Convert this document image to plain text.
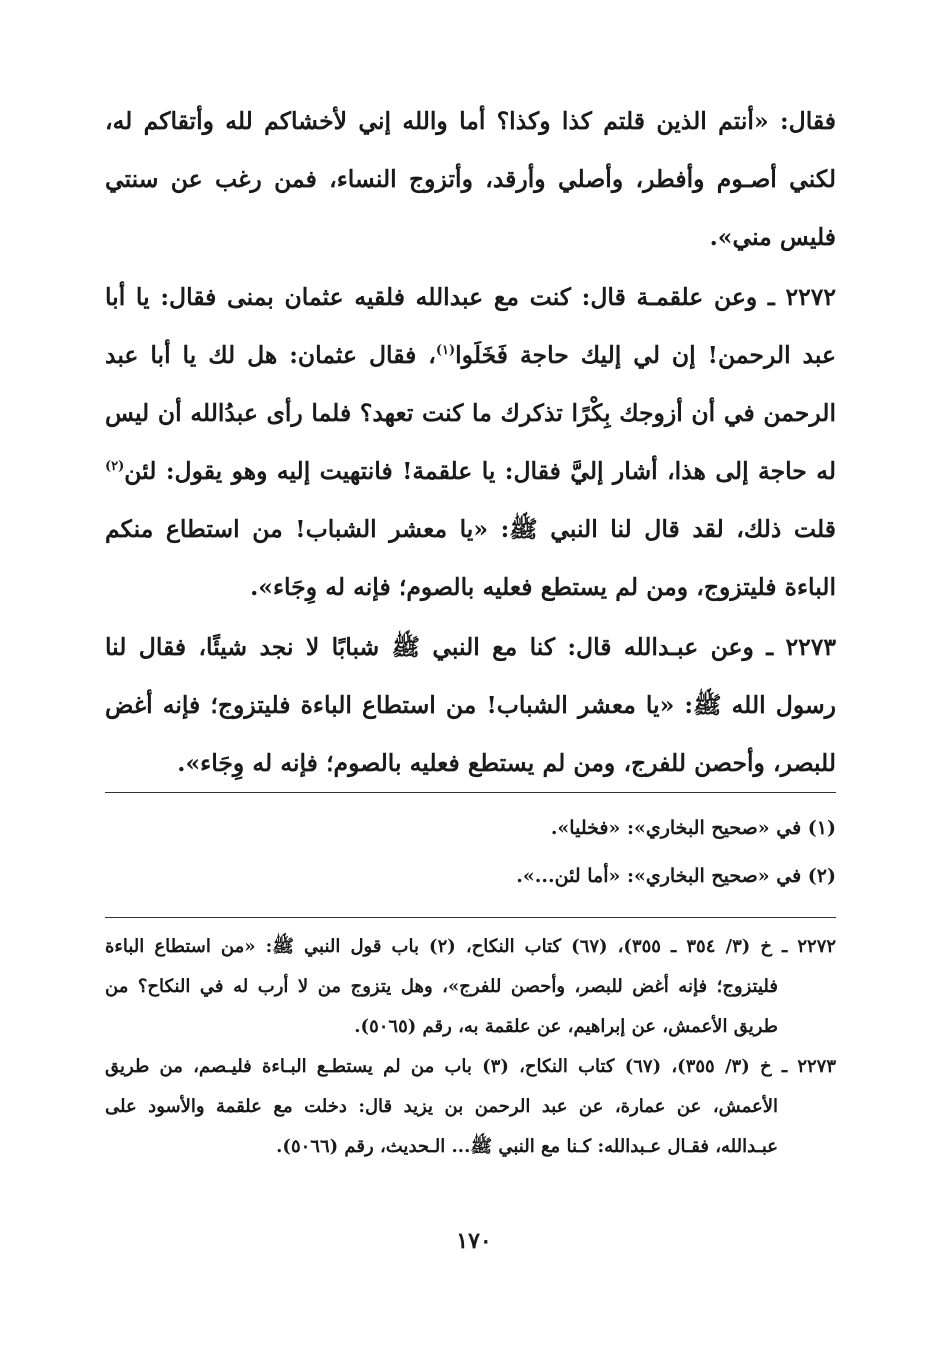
فقال: «أنتم الذين قلتم كذا وكذا؟ أما والله إني لأخشاكم لله وأتقاكم له، لكني أصـوم وأفطر، وأصلي وأرقد، وأتزوج النساء، فمن رغب عن سنتي فليس مني».

٢٢٧٢ ـ وعن علقمـة قال: كنت مع عبدالله فلقيه عثمان بمنى فقال: يا أبا عبد الرحمن! إن لي إليك حاجة فَخَلَوا$^{(١)}$، فقال عثمان: هل لك يا أبا عبد الرحمن في أن أزوجك بِكْرًا تذكرك ما كنت تعهد؟ فلما رأى عبدُالله أن ليس له حاجة إلى هذا، أشار إليَّ فقال: يا علقمة! فانتهيت إليه وهو يقول: لئن$^{(٢)}$ قلت ذلك، لقد قال لنا النبي ﷺ: «يا معشر الشباب! من استطاع منكم الباءة فليتزوج، ومن لم يستطع فعليه بالصوم؛ فإنه له وِجَاء».

٢٢٧٣ ـ وعن عبـدالله قال: كنا مع النبي ﷺ شبابًا لا نجد شيئًا، فقال لنا رسول الله ﷺ: «يا معشر الشباب! من استطاع الباءة فليتزوج؛ فإنه أغض للبصر، وأحصن للفرج، ومن لم يستطع فعليه بالصوم؛ فإنه له وِجَاء».

(١) في «صحيح البخاري»: «فخليا».

(٢) في «صحيح البخاري»: «أما لئن...».

٢٢٧٢ ـ خ (٣/ ٣٥٤ ـ ٣٥٥)، (٦٧) كتاب النكاح، (٢) باب قول النبي ﷺ: «من استطاع الباءة فليتزوج؛ فإنه أغض للبصر، وأحصن للفرج»، وهل يتزوج من لا أرب له في النكاح؟ من طريق الأعمش، عن إبراهيم، عن علقمة به، رقم (٥٠٦٥).

٢٢٧٣ ـ خ (٣/ ٣٥٥)، (٦٧) كتاب النكاح، (٣) باب من لم يستطـع البـاءة فليـصم، من طريق الأعمش، عن عمارة، عن عبد الرحمن بن يزيد قال: دخلت مع علقمة والأسود على عبـدالله، فقـال عـبدالله: كـنا مع النبي ﷺ... الـحديث، رقم (٥٠٦٦).

١٧٠
